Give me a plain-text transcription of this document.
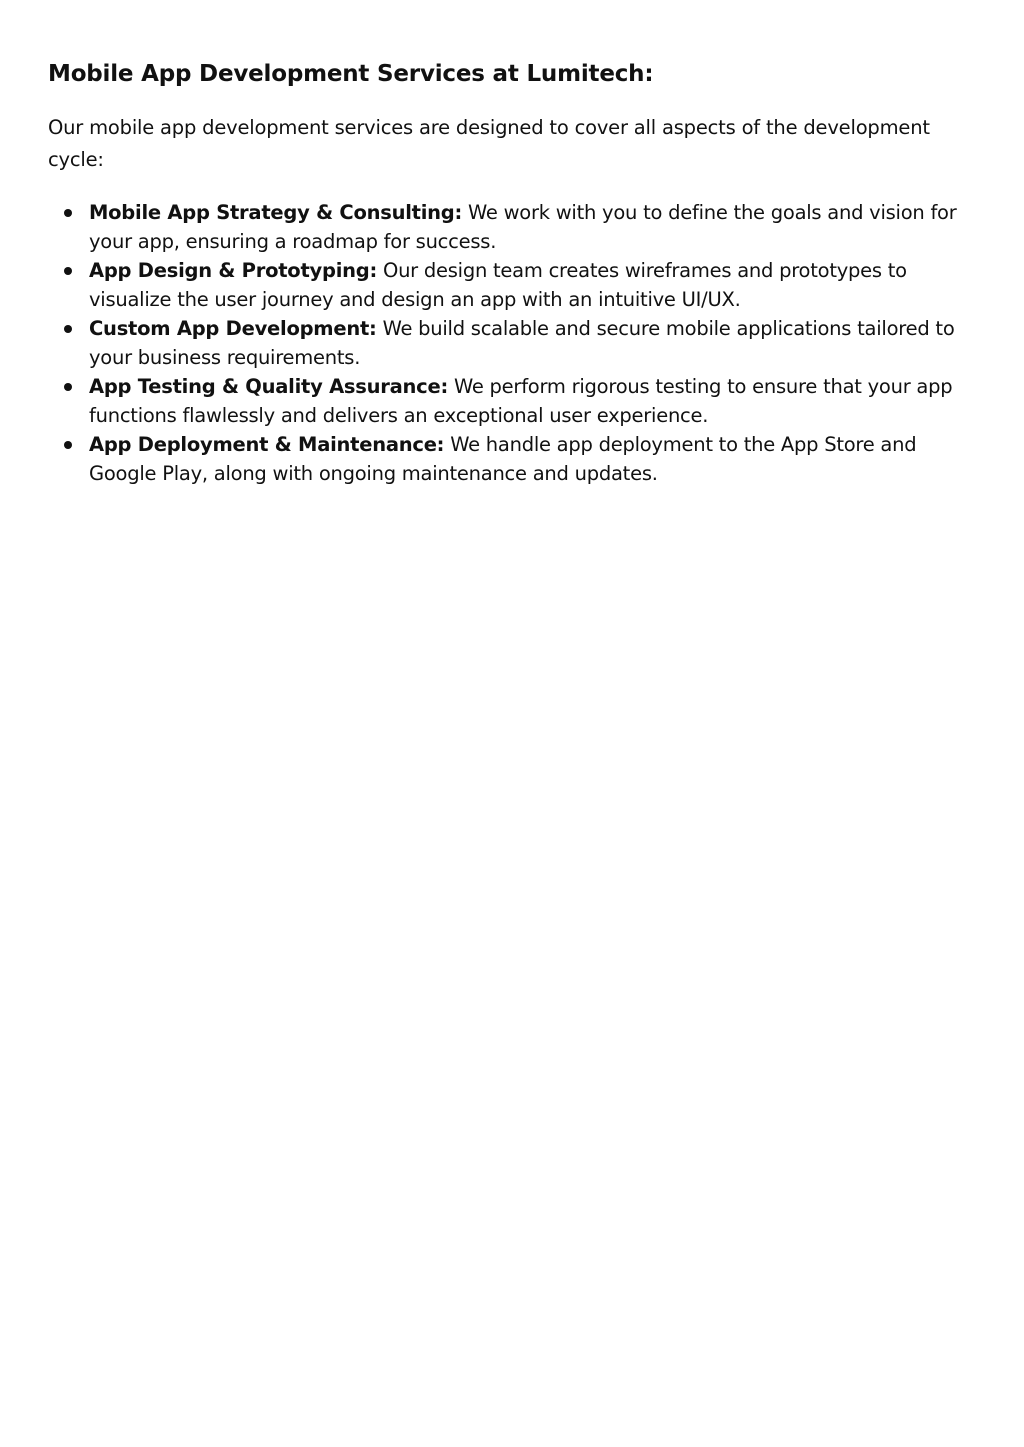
Mobile App Development Services at Lumitech:

Our mobile app development services are designed to cover all aspects of the development cycle:

Mobile App Strategy & Consulting: We work with you to define the goals and vision for your app, ensuring a roadmap for success.
App Design & Prototyping: Our design team creates wireframes and prototypes to visualize the user journey and design an app with an intuitive UI/UX.
Custom App Development: We build scalable and secure mobile applications tailored to your business requirements.
App Testing & Quality Assurance: We perform rigorous testing to ensure that your app functions flawlessly and delivers an exceptional user experience.
App Deployment & Maintenance: We handle app deployment to the App Store and Google Play, along with ongoing maintenance and updates.
